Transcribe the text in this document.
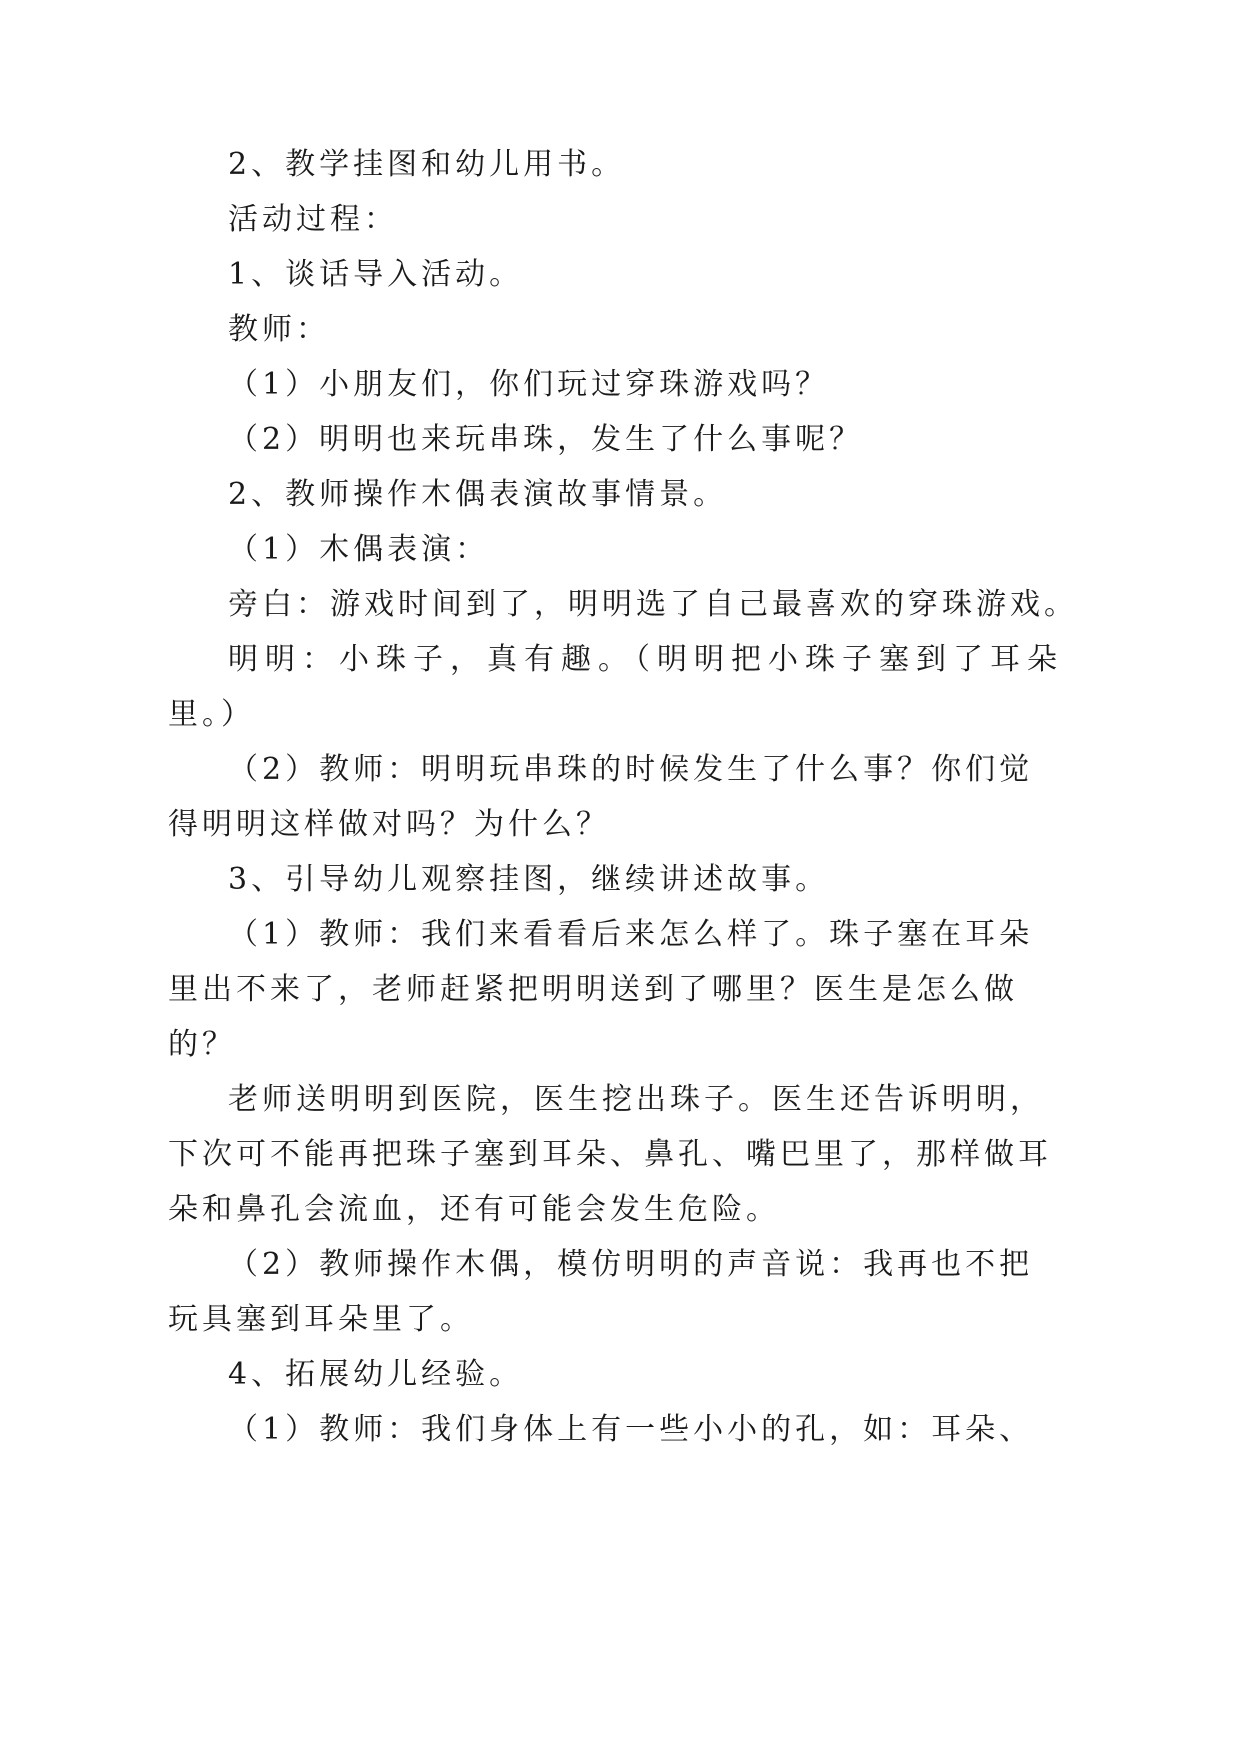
2、教学挂图和幼儿用书。
活动过程：
1、谈话导入活动。
教师：
（1）小朋友们，你们玩过穿珠游戏吗？
（2）明明也来玩串珠，发生了什么事呢？
2、教师操作木偶表演故事情景。
（1）木偶表演：
旁白：游戏时间到了，明明选了自己最喜欢的穿珠游戏。
明明：小珠子，真有趣。（明明把小珠子塞到了耳朵
里。）
（2）教师：明明玩串珠的时候发生了什么事？你们觉
得明明这样做对吗？为什么？
3、引导幼儿观察挂图，继续讲述故事。
（1）教师：我们来看看后来怎么样了。珠子塞在耳朵
里出不来了，老师赶紧把明明送到了哪里？医生是怎么做
的？
老师送明明到医院，医生挖出珠子。医生还告诉明明，
下次可不能再把珠子塞到耳朵、鼻孔、嘴巴里了，那样做耳
朵和鼻孔会流血，还有可能会发生危险。
（2）教师操作木偶，模仿明明的声音说：我再也不把
玩具塞到耳朵里了。
4、拓展幼儿经验。
（1）教师：我们身体上有一些小小的孔，如：耳朵、
